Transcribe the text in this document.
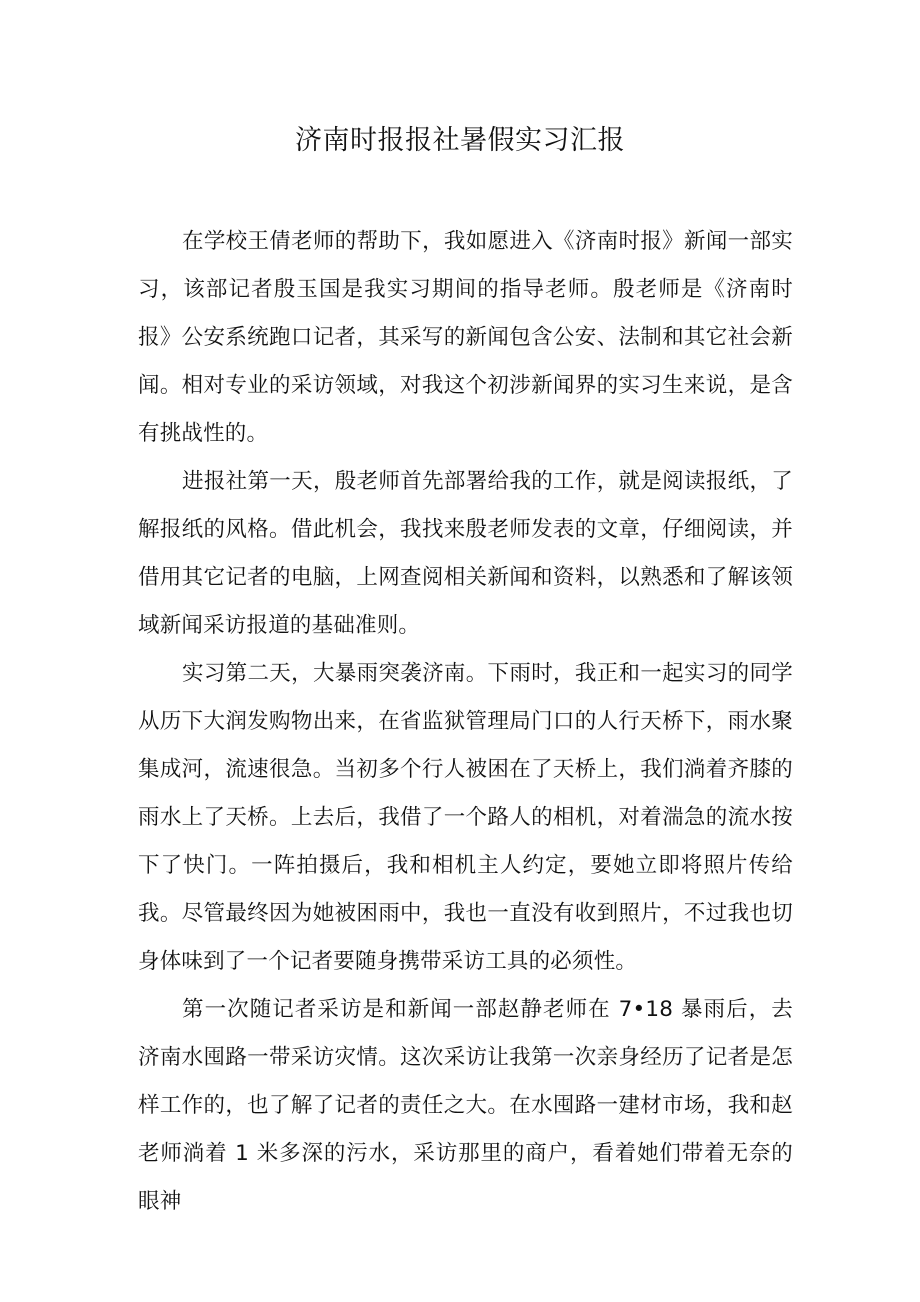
济南时报报社暑假实习汇报

在学校王倩老师的帮助下，我如愿进入《济南时报》新闻一部实习，该部记者殷玉国是我实习期间的指导老师。殷老师是《济南时报》公安系统跑口记者，其采写的新闻包含公安、法制和其它社会新闻。相对专业的采访领域，对我这个初涉新闻界的实习生来说，是含有挑战性的。

进报社第一天，殷老师首先部署给我的工作，就是阅读报纸，了解报纸的风格。借此机会，我找来殷老师发表的文章，仔细阅读，并借用其它记者的电脑，上网查阅相关新闻和资料，以熟悉和了解该领域新闻采访报道的基础准则。

实习第二天，大暴雨突袭济南。下雨时，我正和一起实习的同学从历下大润发购物出来，在省监狱管理局门口的人行天桥下，雨水聚集成河，流速很急。当初多个行人被困在了天桥上，我们淌着齐膝的雨水上了天桥。上去后，我借了一个路人的相机，对着湍急的流水按下了快门。一阵拍摄后，我和相机主人约定，要她立即将照片传给我。尽管最终因为她被困雨中，我也一直没有收到照片，不过我也切身体味到了一个记者要随身携带采访工具的必须性。

第一次随记者采访是和新闻一部赵静老师在 7•18 暴雨后，去济南水囤路一带采访灾情。这次采访让我第一次亲身经历了记者是怎样工作的，也了解了记者的责任之大。在水囤路一建材市场，我和赵老师淌着 1 米多深的污水，采访那里的商户，看着她们带着无奈的眼神
